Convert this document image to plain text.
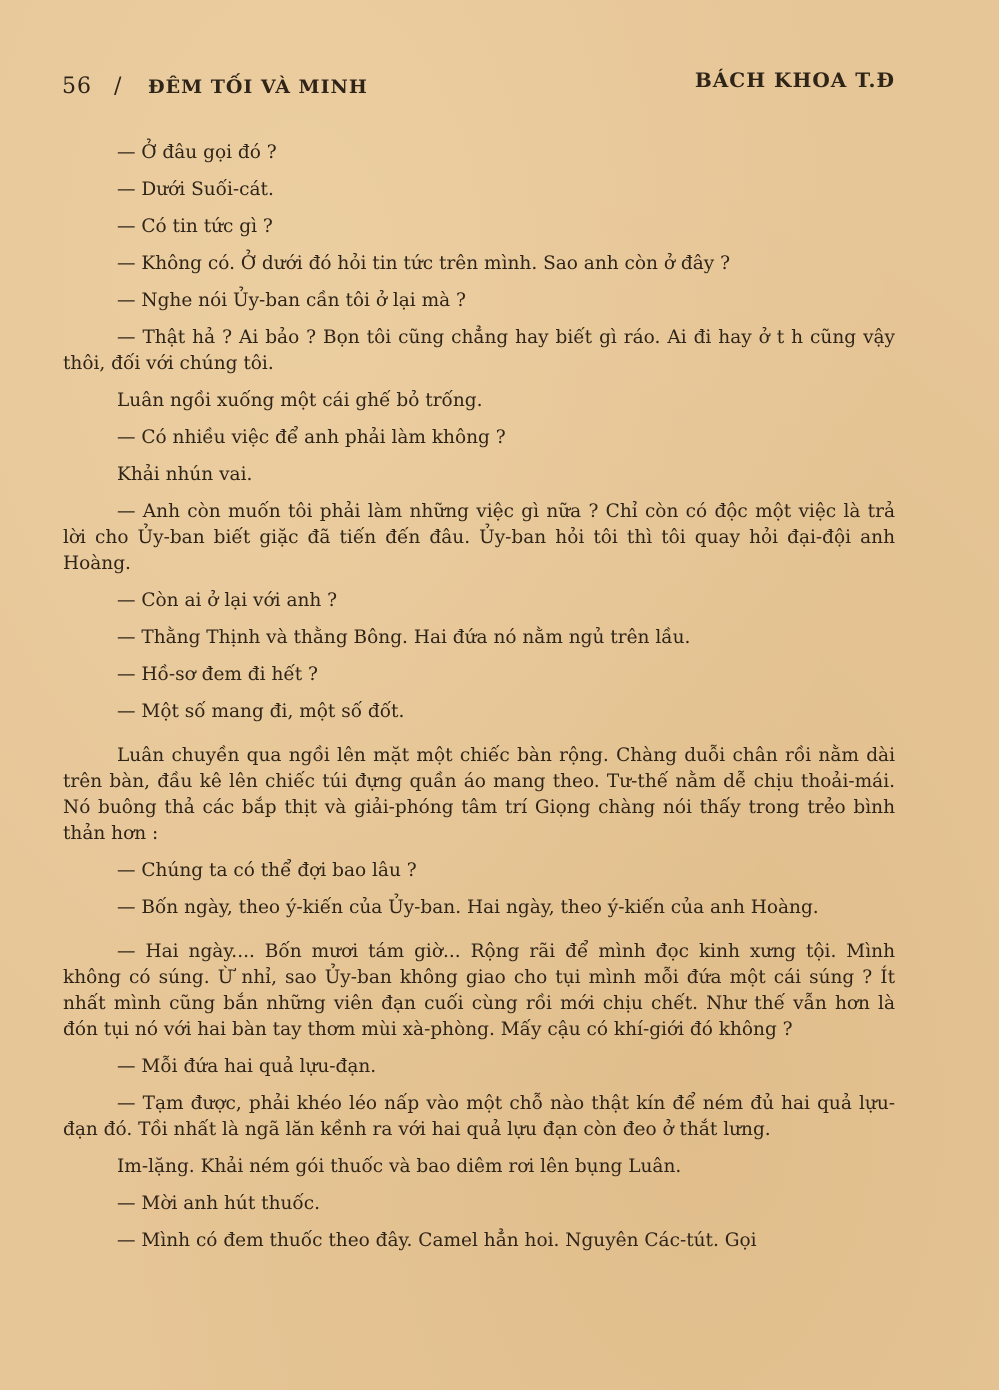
56 / ĐÊM TỐI VÀ MINH	BÁCH KHOA T.Đ

— Ở đâu gọi đó ?

— Dưới Suối-cát.

— Có tin tức gì ?

— Không có. Ở dưới đó hỏi tin tức trên mình. Sao anh còn ở đây ?

— Nghe nói Ủy-ban cần tôi ở lại mà ?

— Thật hả ? Ai bảo ? Bọn tôi cũng chẳng hay biết gì ráo. Ai đi hay ở t h cũng vậy thôi, đối với chúng tôi.

Luân ngồi xuống một cái ghế bỏ trống.

— Có nhiều việc để anh phải làm không ?

Khải nhún vai.

— Anh còn muốn tôi phải làm những việc gì nữa ? Chỉ còn có độc một việc là trả lời cho Ủy-ban biết giặc đã tiến đến đâu. Ủy-ban hỏi tôi thì tôi quay hỏi đại-đội anh Hoàng.

— Còn ai ở lại với anh ?

— Thằng Thịnh và thằng Bông. Hai đứa nó nằm ngủ trên lầu.

— Hồ-sơ đem đi hết ?

— Một số mang đi, một số đốt.

Luân chuyền qua ngồi lên mặt một chiếc bàn rộng. Chàng duỗi chân rồi nằm dài trên bàn, đầu kê lên chiếc túi đựng quần áo mang theo. Tư-thế nằm dễ chịu thoải-mái. Nó buông thả các bắp thịt và giải-phóng tâm trí Giọng chàng nói thấy trong trẻo bình thản hơn :

— Chúng ta có thể đợi bao lâu ?

— Bốn ngày, theo ý-kiến của Ủy-ban. Hai ngày, theo ý-kiến của anh Hoàng.

— Hai ngày.... Bốn mươi tám giờ... Rộng rãi để mình đọc kinh xưng tội. Mình không có súng. Ừ nhỉ, sao Ủy-ban không giao cho tụi mình mỗi đứa một cái súng ? Ít nhất mình cũng bắn những viên đạn cuối cùng rồi mới chịu chết. Như thế vẫn hơn là đón tụi nó với hai bàn tay thơm mùi xà-phòng. Mấy cậu có khí-giới đó không ?

— Mỗi đứa hai quả lựu-đạn.

— Tạm được, phải khéo léo nấp vào một chỗ nào thật kín để ném đủ hai quả lựu-đạn đó. Tồi nhất là ngã lăn kềnh ra với hai quả lựu đạn còn đeo ở thắt lưng.

Im-lặng. Khải ném gói thuốc và bao diêm rơi lên bụng Luân.

— Mời anh hút thuốc.

— Mình có đem thuốc theo đây. Camel hẳn hoi. Nguyên Các-tút. Gọi
